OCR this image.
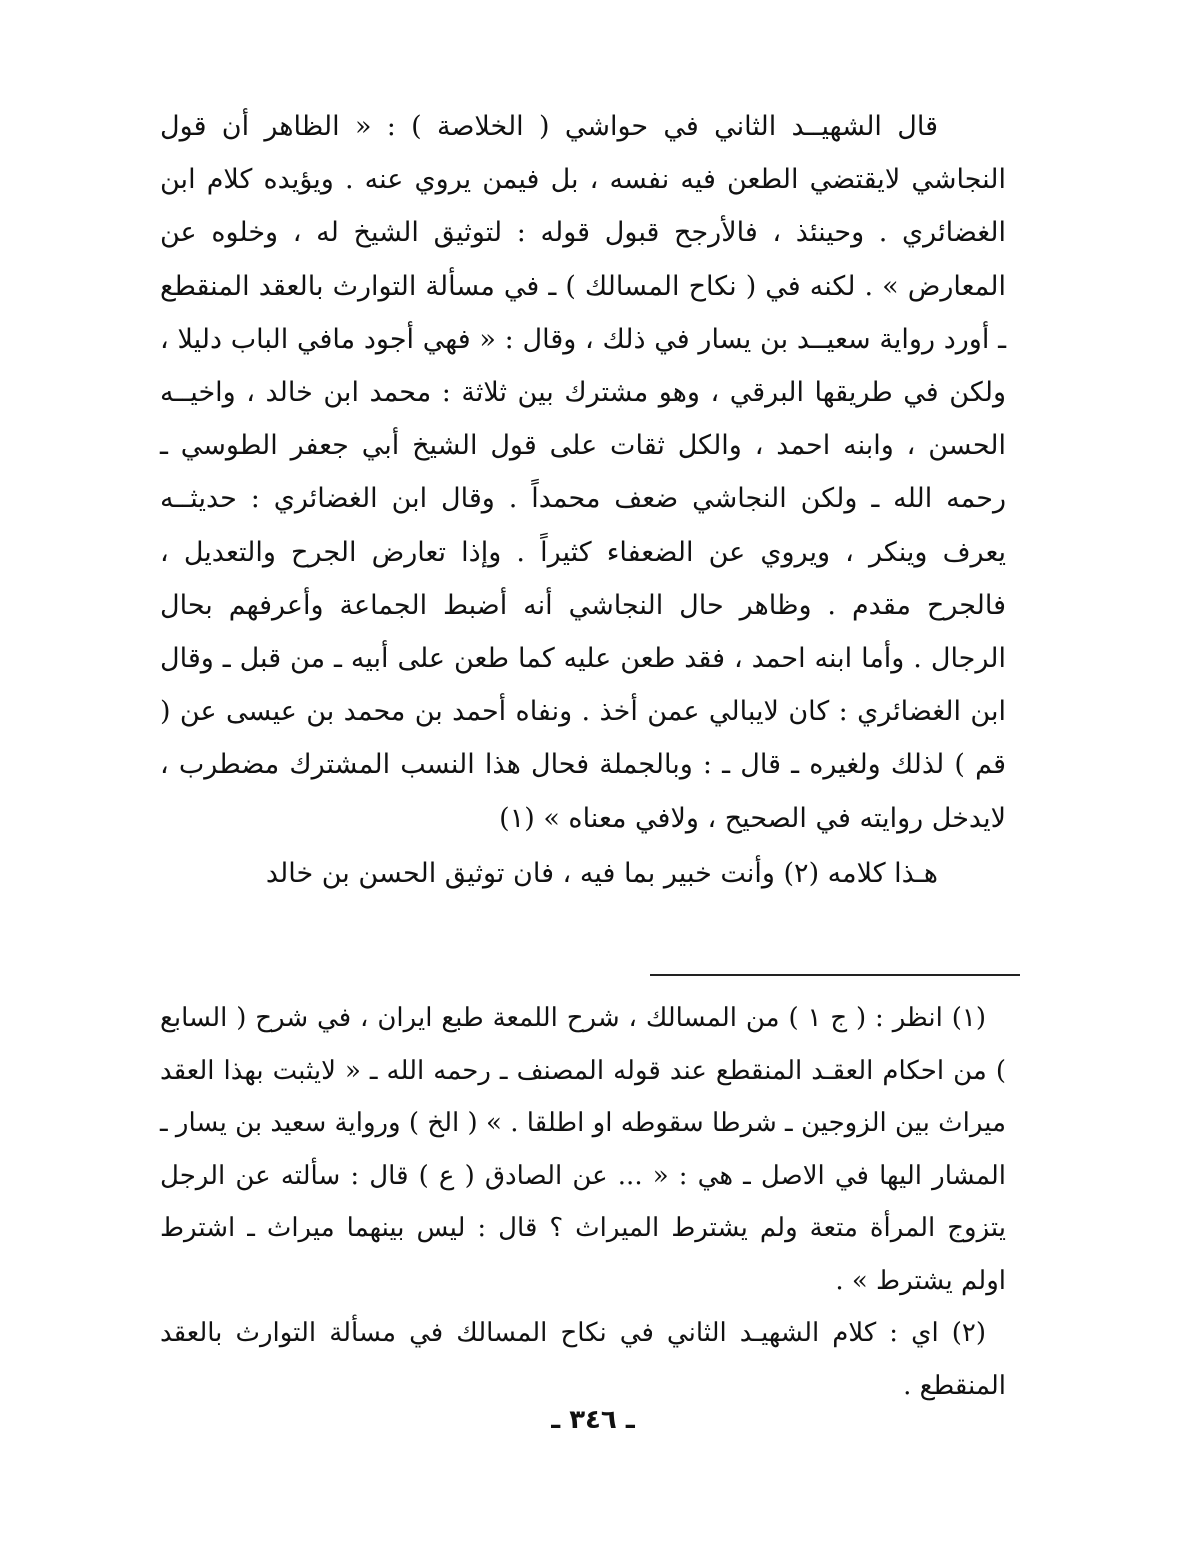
قال الشهيــد الثاني في حواشي ( الخلاصة ) : « الظاهر أن قول النجاشي لايقتضي الطعن فيه نفسه ، بل فيمن يروي عنه . ويؤيده كلام ابن الغضائري . وحينئذ ، فالأرجح قبول قوله : لتوثيق الشيخ له ، وخلوه عن المعارض » . لكنه في ( نكاح المسالك ) ـ في مسألة التوارث بالعقد المنقطع ـ أورد رواية سعيــد بن يسار في ذلك ، وقال : « فهي أجود مافي الباب دليلا ، ولكن في طريقها البرقي ، وهو مشترك بين ثلاثة : محمد ابن خالد ، واخيــه الحسن ، وابنه احمد ، والكل ثقات على قول الشيخ أبي جعفر الطوسي ـ رحمه الله ـ ولكن النجاشي ضعف محمداً . وقال ابن الغضائري : حديثــه يعرف وينكر ، ويروي عن الضعفاء كثيراً . وإذا تعارض الجرح والتعديل ، فالجرح مقدم . وظاهر حال النجاشي أنه أضبط الجماعة وأعرفهم بحال الرجال . وأما ابنه احمد ، فقد طعن عليه كما طعن على أبيه ـ من قبل ـ وقال ابن الغضائري : كان لايبالي عمن أخذ . ونفاه أحمد بن محمد بن عيسى عن ( قم ) لذلك ولغيره ـ قال ـ : وبالجملة فحال هذا النسب المشترك مضطرب ، لايدخل روايته في الصحيح ، ولافي معناه » (١)

هـذا كلامه (٢) وأنت خبير بما فيه ، فان توثيق الحسن بن خالد

(١) انظر : ( ج ١ ) من المسالك ، شرح اللمعة طبع ايران ، في شرح ( السابع ) من احكام العقـد المنقطع عند قوله المصنف ـ رحمه الله ـ « لايثبت بهذا العقد ميراث بين الزوجين ـ شرطا سقوطه او اطلقا . » ( الخ ) ورواية سعيد بن يسار ـ المشار اليها في الاصل ـ هي : « ... عن الصادق ( ع ) قال : سألته عن الرجل يتزوج المرأة متعة ولم يشترط الميراث ؟ قال : ليس بينهما ميراث ـ اشترط اولم يشترط » .

(٢) اي : كلام الشهيـد الثاني في نكاح المسالك في مسألة التوارث بالعقد المنقطع .

ـ ٣٤٦ ـ
